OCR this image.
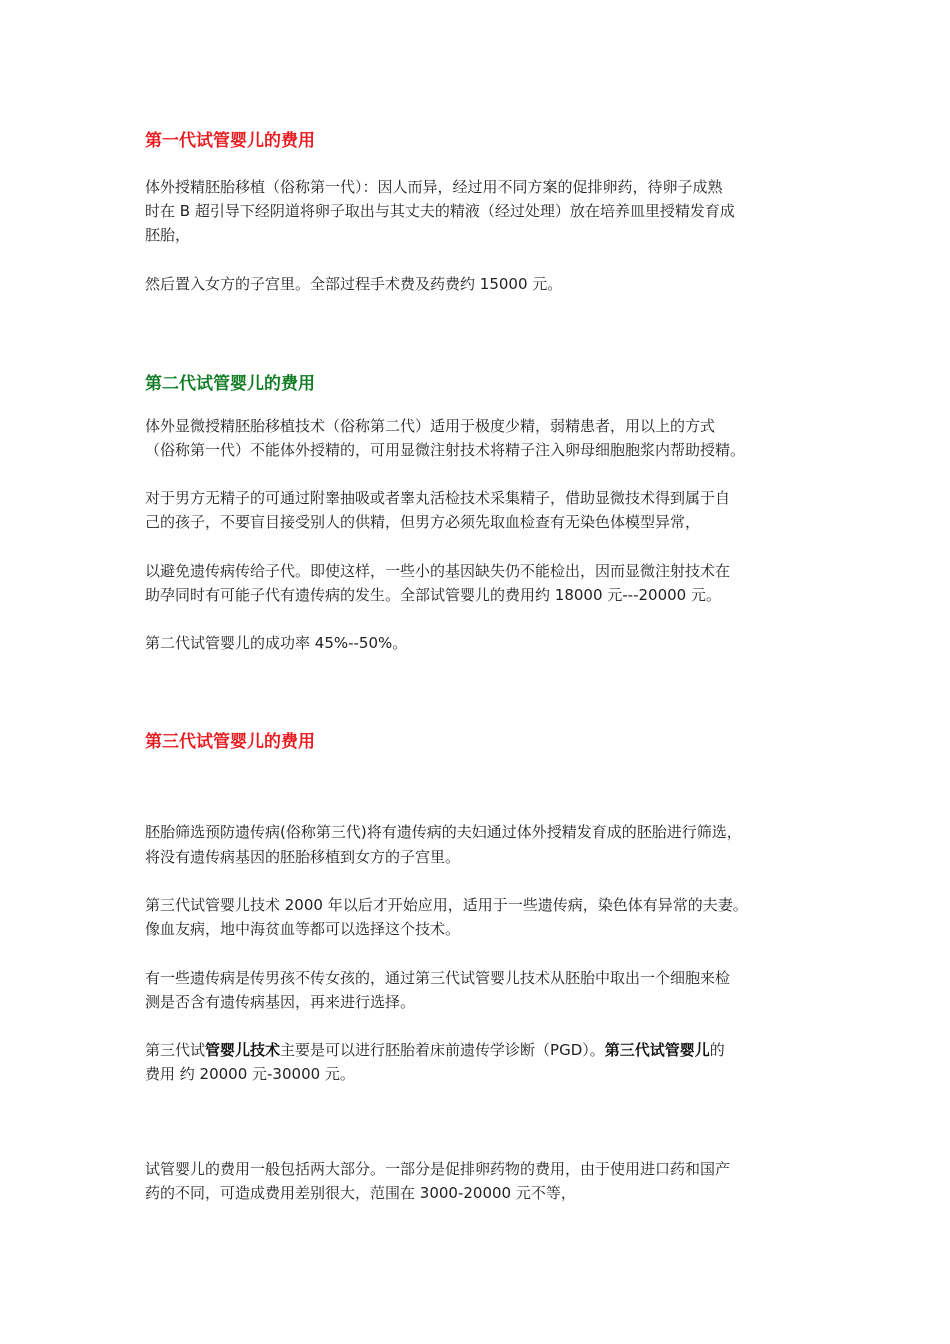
第一代试管婴儿的费用

体外授精胚胎移植（俗称第一代）：因人而异，经过用不同方案的促排卵药，待卵子成熟

时在 B 超引导下经阴道将卵子取出与其丈夫的精液（经过处理）放在培养皿里授精发育成

胚胎，

然后置入女方的子宫里。全部过程手术费及药费约 15000 元。

第二代试管婴儿的费用

体外显微授精胚胎移植技术（俗称第二代）适用于极度少精，弱精患者，用以上的方式

（俗称第一代）不能体外授精的，可用显微注射技术将精子注入卵母细胞胞浆内帮助授精。

对于男方无精子的可通过附睾抽吸或者睾丸活检技术采集精子，借助显微技术得到属于自

己的孩子，不要盲目接受别人的供精，但男方必须先取血检查有无染色体模型异常，

以避免遗传病传给子代。即使这样，一些小的基因缺失仍不能检出，因而显微注射技术在

助孕同时有可能子代有遗传病的发生。全部试管婴儿的费用约 18000 元---20000 元。

第二代试管婴儿的成功率 45%--50%。

第三代试管婴儿的费用

胚胎筛选预防遗传病(俗称第三代)将有遗传病的夫妇通过体外授精发育成的胚胎进行筛选，

将没有遗传病基因的胚胎移植到女方的子宫里。

第三代试管婴儿技术 2000 年以后才开始应用，适用于一些遗传病，染色体有异常的夫妻。

像血友病，地中海贫血等都可以选择这个技术。

有一些遗传病是传男孩不传女孩的，通过第三代试管婴儿技术从胚胎中取出一个细胞来检

测是否含有遗传病基因，再来进行选择。

第三代试管婴儿技术主要是可以进行胚胎着床前遗传学诊断（PGD）。第三代试管婴儿的

费用 约 20000 元-30000 元。

试管婴儿的费用一般包括两大部分。一部分是促排卵药物的费用，由于使用进口药和国产

药的不同，可造成费用差别很大，范围在 3000-20000 元不等，
